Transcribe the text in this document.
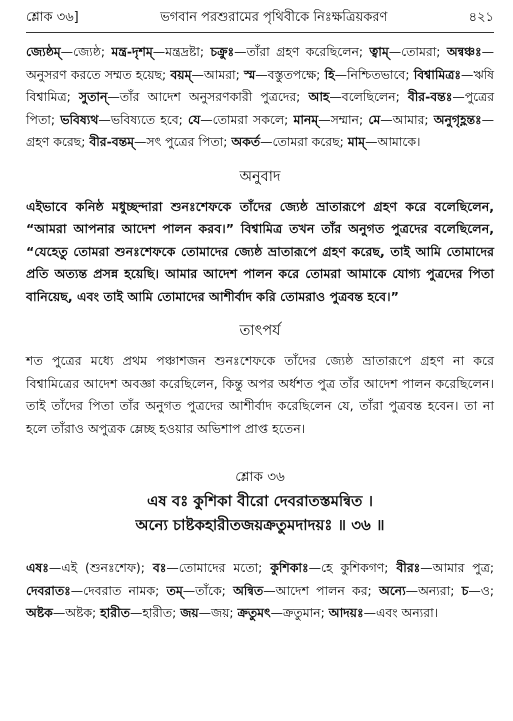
শ্লোক ৩৬]	ভগবান পরশুরামের পৃথিবীকে নিঃক্ষত্রিয়করণ	৪২১
জ্যেষ্ঠম্—জ্যেষ্ঠ; মন্ত্র-দৃশম্—মন্ত্রদ্রষ্টা; চক্রুঃ—তাঁরা গ্রহণ করেছিলেন; ত্বাম্—তোমরা; অন্বঞ্চঃ—অনুসরণ করতে সম্মত হয়েছ; বয়ম্—আমরা; স্ম—বস্তুতপক্ষে; হি—নিশ্চিতভাবে; বিশ্বামিত্রঃ—ঋষি বিশ্বামিত্র; সুতান্—তাঁর আদেশ অনুসরণকারী পুত্রদের; আহ—বলেছিলেন; বীর-বন্তঃ—পুত্রের পিতা; ভবিষ্যথ—ভবিষ্যতে হবে; যে—তোমরা সকলে; মানম্—সম্মান; মে—আমার; অনুগৃহ্ণন্তঃ—গ্রহণ করেছ; বীর-বন্তম্—সৎ পুত্রের পিতা; অকর্ত—তোমরা করেছ; মাম্—আমাকে।
অনুবাদ
এইভাবে কনিষ্ঠ মধুচ্ছন্দারা শুনঃশেফকে তাঁদের জ্যেষ্ঠ ভ্রাতারূপে গ্রহণ করে বলেছিলেন, “আমরা আপনার আদেশ পালন করব।” বিশ্বামিত্র তখন তাঁর অনুগত পুত্রদের বলেছিলেন, “যেহেতু তোমরা শুনঃশেফকে তোমাদের জ্যেষ্ঠ ভ্রাতারূপে গ্রহণ করেছ, তাই আমি তোমাদের প্রতি অত্যন্ত প্রসন্ন হয়েছি। আমার আদেশ পালন করে তোমরা আমাকে যোগ্য পুত্রদের পিতা বানিয়েছ, এবং তাই আমি তোমাদের আশীর্বাদ করি তোমরাও পুত্রবন্ত হবে।”
তাৎপর্য
শত পুত্রের মধ্যে প্রথম পঞ্চাশজন শুনঃশেফকে তাঁদের জ্যেষ্ঠ ভ্রাতারূপে গ্রহণ না করে বিশ্বামিত্রের আদেশ অবজ্ঞা করেছিলেন, কিন্তু অপর অর্ধশত পুত্র তাঁর আদেশ পালন করেছিলেন। তাই তাঁদের পিতা তাঁর অনুগত পুত্রদের আশীর্বাদ করেছিলেন যে, তাঁরা পুত্রবন্ত হবেন। তা না হলে তাঁরাও অপুত্রক ম্লেচ্ছ হওয়ার অভিশাপ প্রাপ্ত হতেন।
শ্লোক ৩৬
এষ বঃ কুশিকা বীরো দেবরাতস্তমন্বিত ।
অন্যে চাষ্টকহারীতজয়ক্রতুমদাদয়ঃ ॥ ৩৬ ॥
এষঃ—এই (শুনঃশেফ); বঃ—তোমাদের মতো; কুশিকাঃ—হে কুশিকগণ; বীরঃ—আমার পুত্র; দেবরাতঃ—দেবরাত নামক; তম্—তাঁকে; অন্বিত—আদেশ পালন কর; অন্যে—অন্যরা; চ—ও; অষ্টক—অষ্টক; হারীত—হারীত; জয়—জয়; ক্রতুমৎ—ক্রতুমান; আদয়ঃ—এবং অন্যরা।
